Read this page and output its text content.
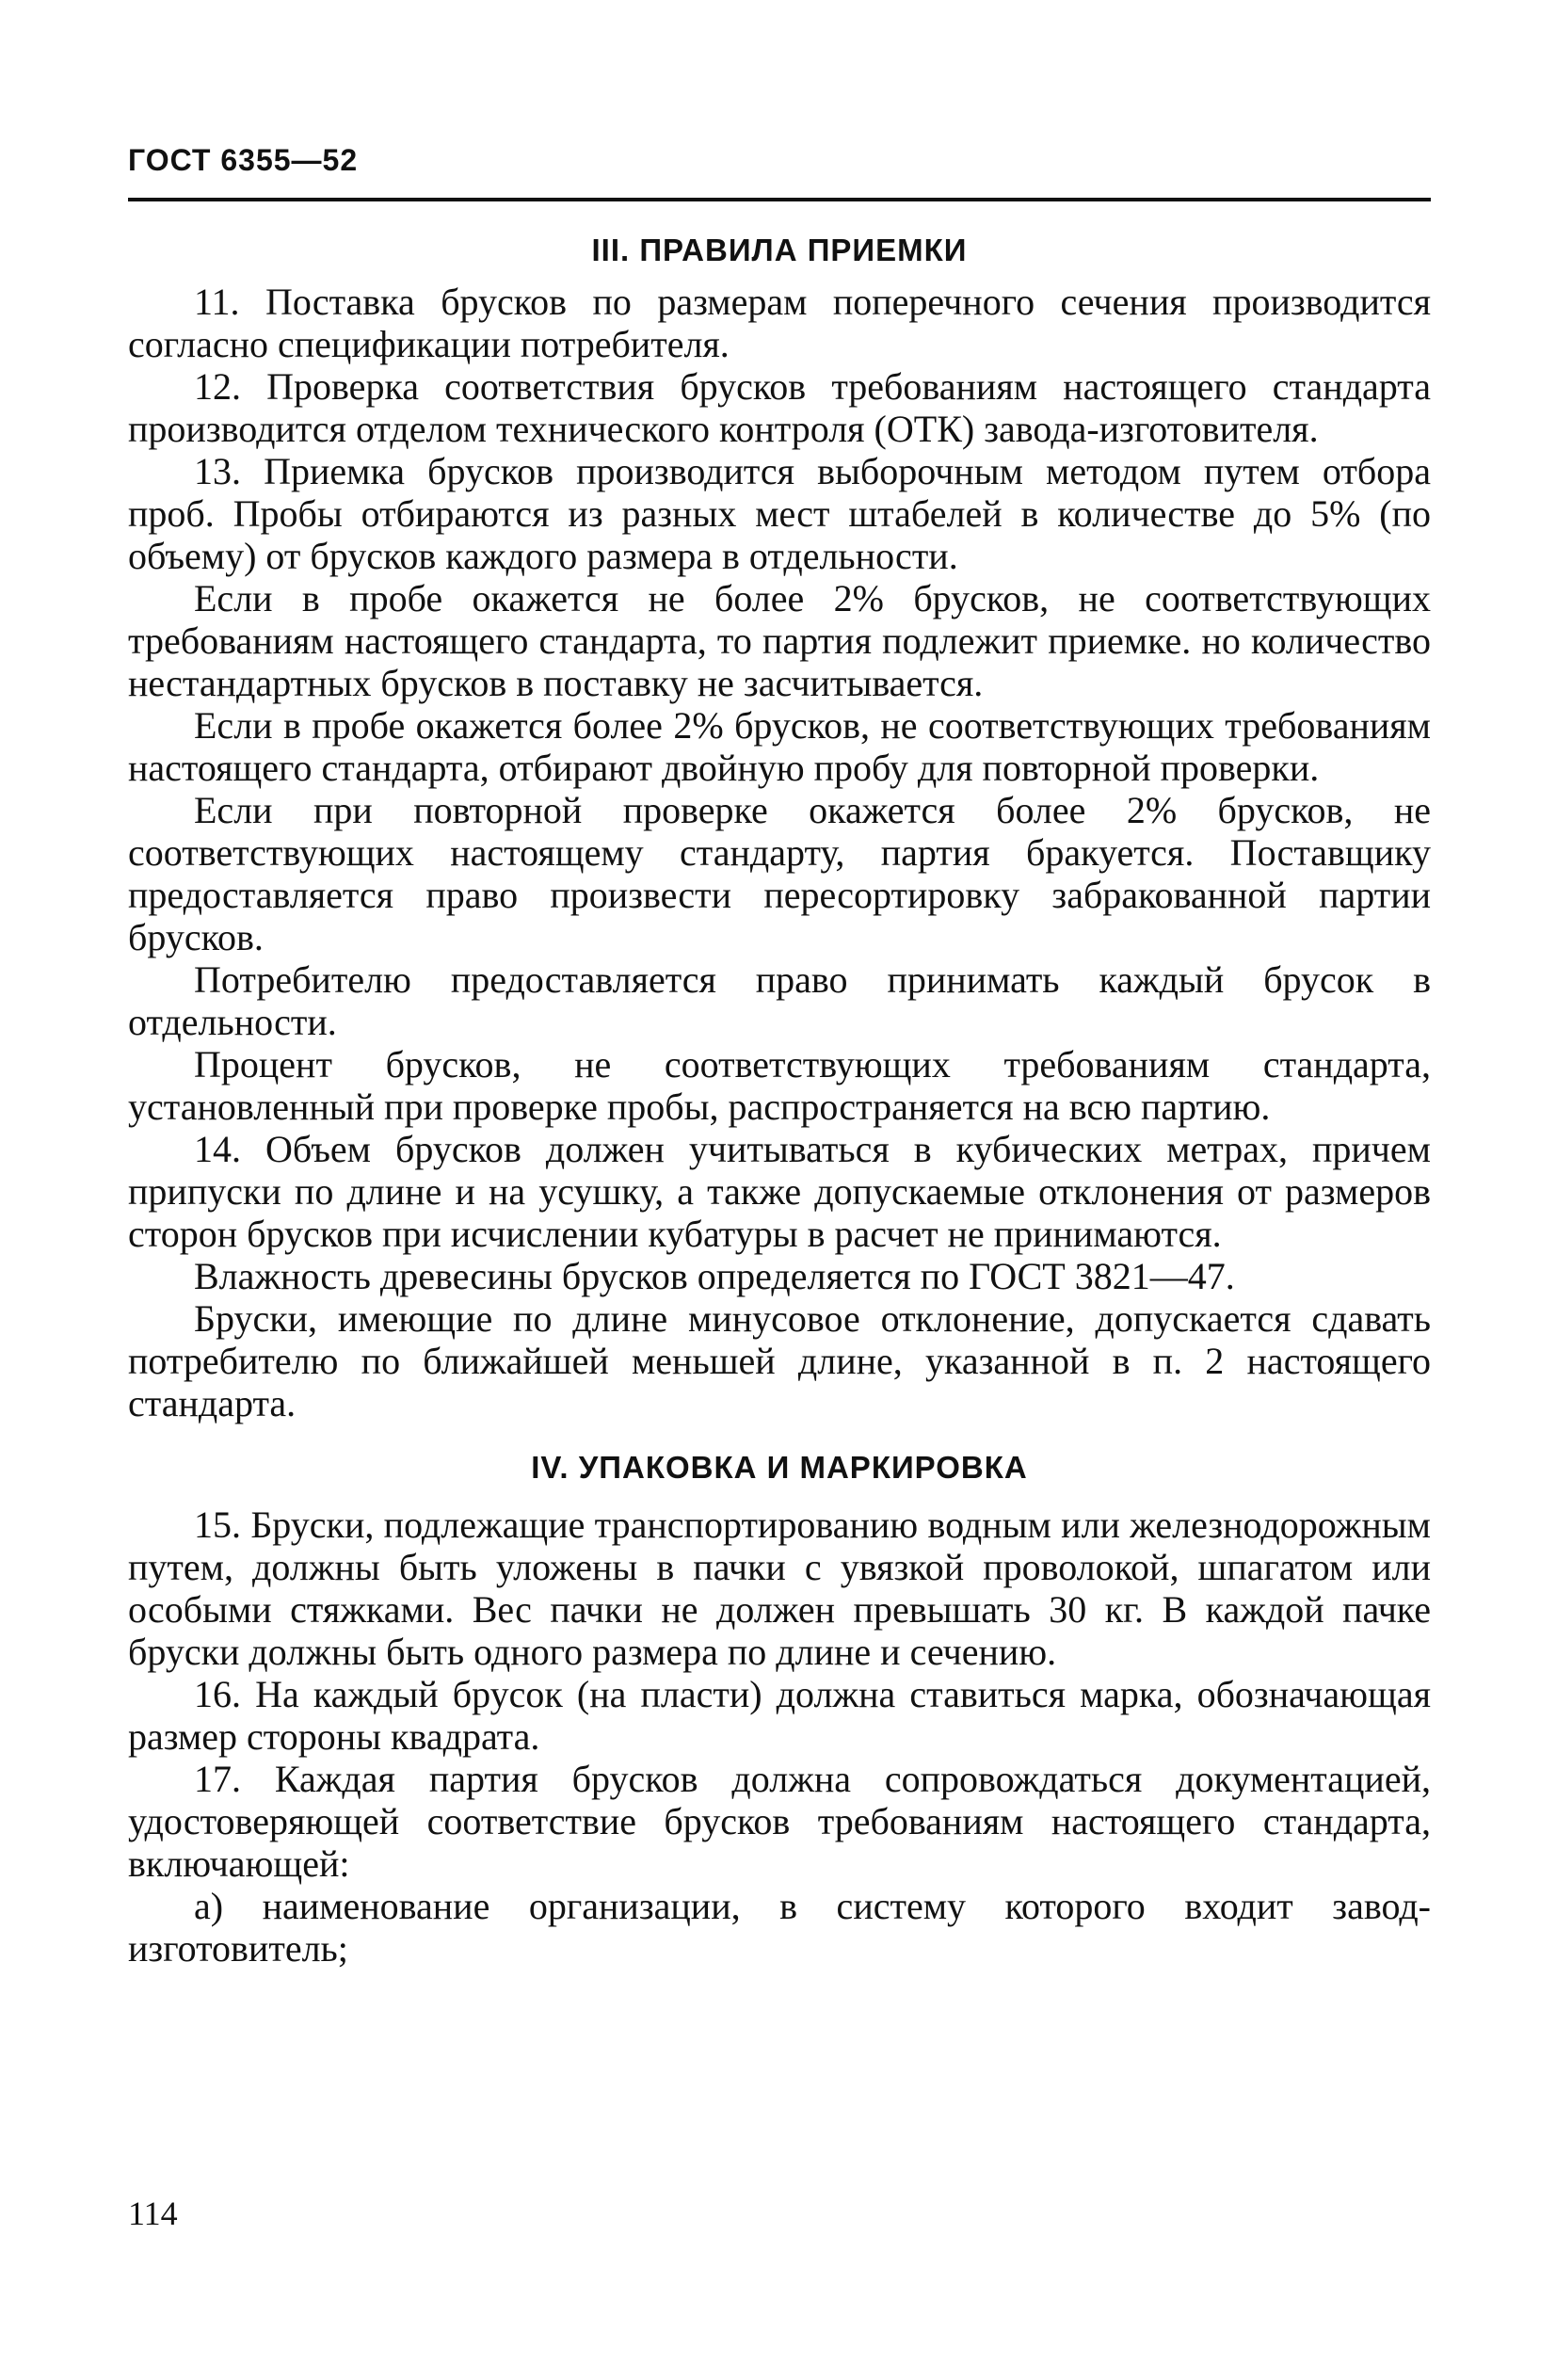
ГОСТ 6355—52
III. ПРАВИЛА ПРИЕМКИ

11. Поставка брусков по размерам поперечного сечения производится согласно спецификации потребителя.

12. Проверка соответствия брусков требованиям настоящего стандарта производится отделом технического контроля (ОТК) завода-изготовителя.

13. Приемка брусков производится выборочным методом путем отбора проб. Пробы отбираются из разных мест штабелей в количестве до 5% (по объему) от брусков каждого размера в отдельности.

Если в пробе окажется не более 2% брусков, не соответствующих требованиям настоящего стандарта, то партия подлежит приемке. но количество нестандартных брусков в поставку не засчитывается.

Если в пробе окажется более 2% брусков, не соответствующих требованиям настоящего стандарта, отбирают двойную пробу для повторной проверки.

Если при повторной проверке окажется более 2% брусков, не соответствующих настоящему стандарту, партия бракуется. Поставщику предоставляется право произвести пересортировку забракованной партии брусков.

Потребителю предоставляется право принимать каждый брусок в отдельности.

Процент брусков, не соответствующих требованиям стандарта, установленный при проверке пробы, распространяется на всю партию.

14. Объем брусков должен учитываться в кубических метрах, причем припуски по длине и на усушку, а также допускаемые отклонения от размеров сторон брусков при исчислении кубатуры в расчет не принимаются.

Влажность древесины брусков определяется по ГОСТ 3821—47.

Бруски, имеющие по длине минусовое отклонение, допускается сдавать потребителю по ближайшей меньшей длине, указанной в п. 2 настоящего стандарта.

IV. УПАКОВКА И МАРКИРОВКА

15. Бруски, подлежащие транспортированию водным или железнодорожным путем, должны быть уложены в пачки с увязкой проволокой, шпагатом или особыми стяжками. Вес пачки не должен превышать 30 кг. В каждой пачке бруски должны быть одного размера по длине и сечению.

16. На каждый брусок (на пласти) должна ставиться марка, обозначающая размер стороны квадрата.

17. Каждая партия брусков должна сопровождаться документацией, удостоверяющей соответствие брусков требованиям настоящего стандарта, включающей:

а) наименование организации, в систему которого входит завод-изготовитель;

114
